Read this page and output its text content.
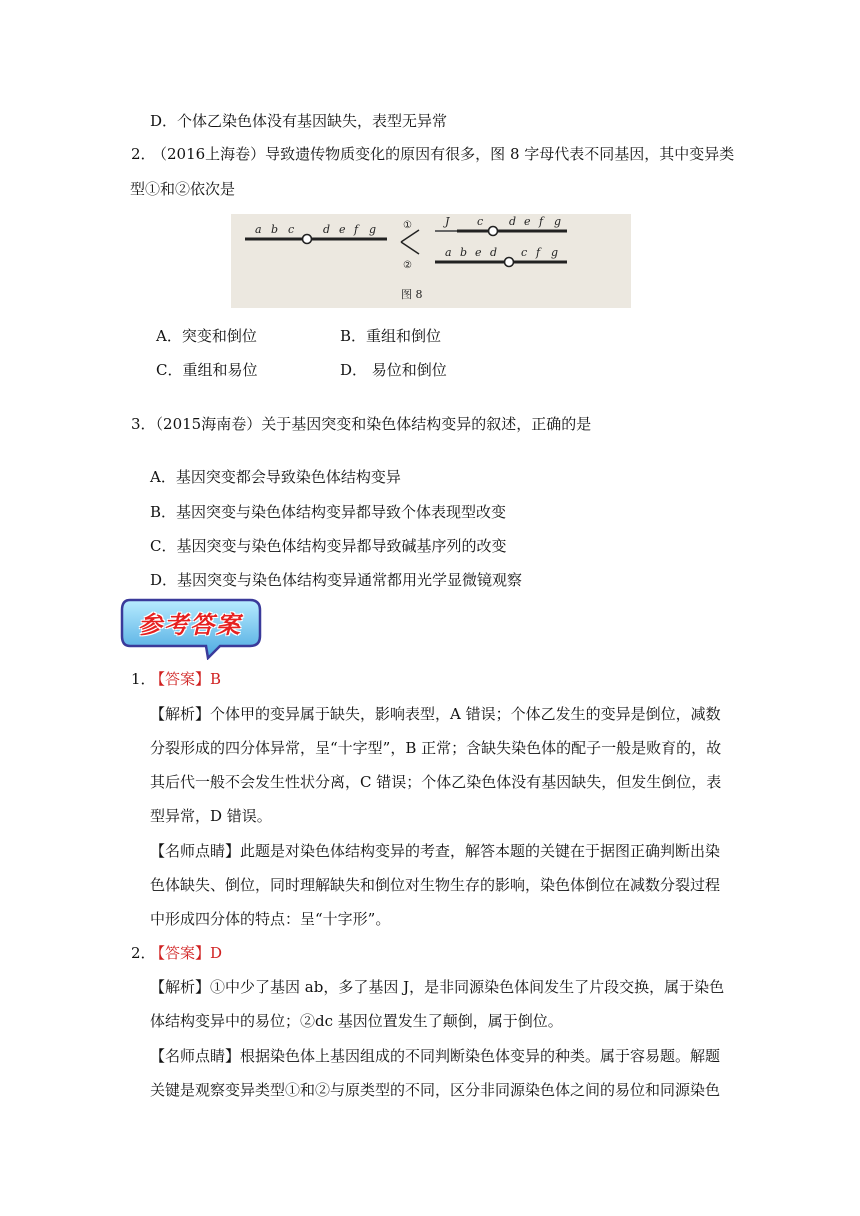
D．个体乙染色体没有基因缺失，表型无异常
2．
（2016上海卷）导致遗传物质变化的原因有很多，图 8 字母代表不同基因，其中变异类
型①和②依次是
a b c	d e f g	①
②
J	c d e f g
a b e d c f g
图 8
A．突变和倒位	B．重组和倒位
C．重组和易位	D． 易位和倒位
3．（2015海南卷）关于基因突变和染色体结构变异的叙述，正确的是
A．基因突变都会导致染色体结构变异
B．基因突变与染色体结构变异都导致个体表现型改变
C．基因突变与染色体结构变异都导致碱基序列的改变
D．基因突变与染色体结构变异通常都用光学显微镜观察
参考答案
1．
【答案】B
【解析】个体甲的变异属于缺失，影响表型，A 错误；个体乙发生的变异是倒位，减数
分裂形成的四分体异常，呈“十字型”，B 正常；含缺失染色体的配子一般是败育的，故
其后代一般不会发生性状分离，C 错误；个体乙染色体没有基因缺失，但发生倒位，表
型异常，D 错误。
【名师点睛】此题是对染色体结构变异的考查，解答本题的关键在于据图正确判断出染
色体缺失、倒位，同时理解缺失和倒位对生物生存的影响，染色体倒位在减数分裂过程
中形成四分体的特点：呈“十字形”。
2．
【答案】D
【解析】①中少了基因 ab，多了基因 J，是非同源染色体间发生了片段交换，属于染色
体结构变异中的易位；②dc 基因位置发生了颠倒，属于倒位。
【名师点睛】根据染色体上基因组成的不同判断染色体变异的种类。属于容易题。解题
关键是观察变异类型①和②与原类型的不同，区分非同源染色体之间的易位和同源染色
